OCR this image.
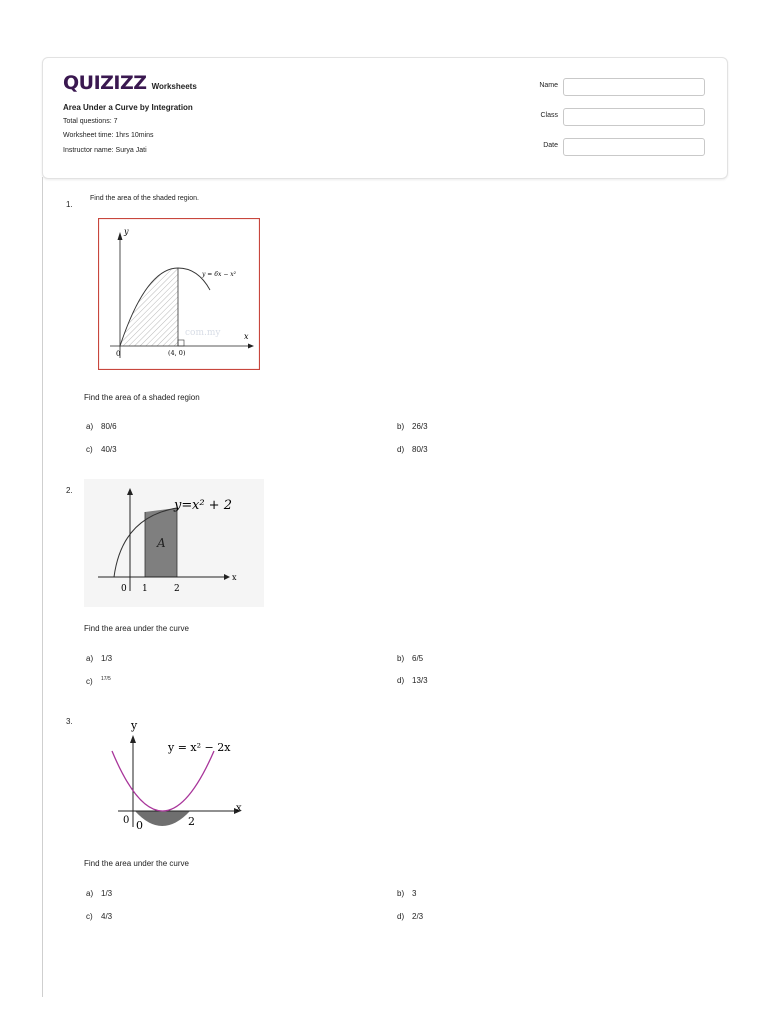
QUIZIZZ Worksheets
Area Under a Curve by Integration
Total questions: 7
Worksheet time: 1hrs 10mins
Instructor name: Surya Jati
Name
Class
Date
1.
Find the area of the shaded region.
com.my
y
x
0	(4, 0)
y = 6x − x²
Find the area of a shaded region
a) 80/6	b) 26/3
c) 40/3	d) 80/3
2.
y= x² + 2
A
x
0 1	2
Find the area under the curve
a) 1/3	b) 6/5
c) $^{17/5}$	d) 13/3
3.	y
x
y = x² − 2x
0 0	2
Find the area under the curve
a) 1/3	b) 3
c) 4/3	d) 2/3
